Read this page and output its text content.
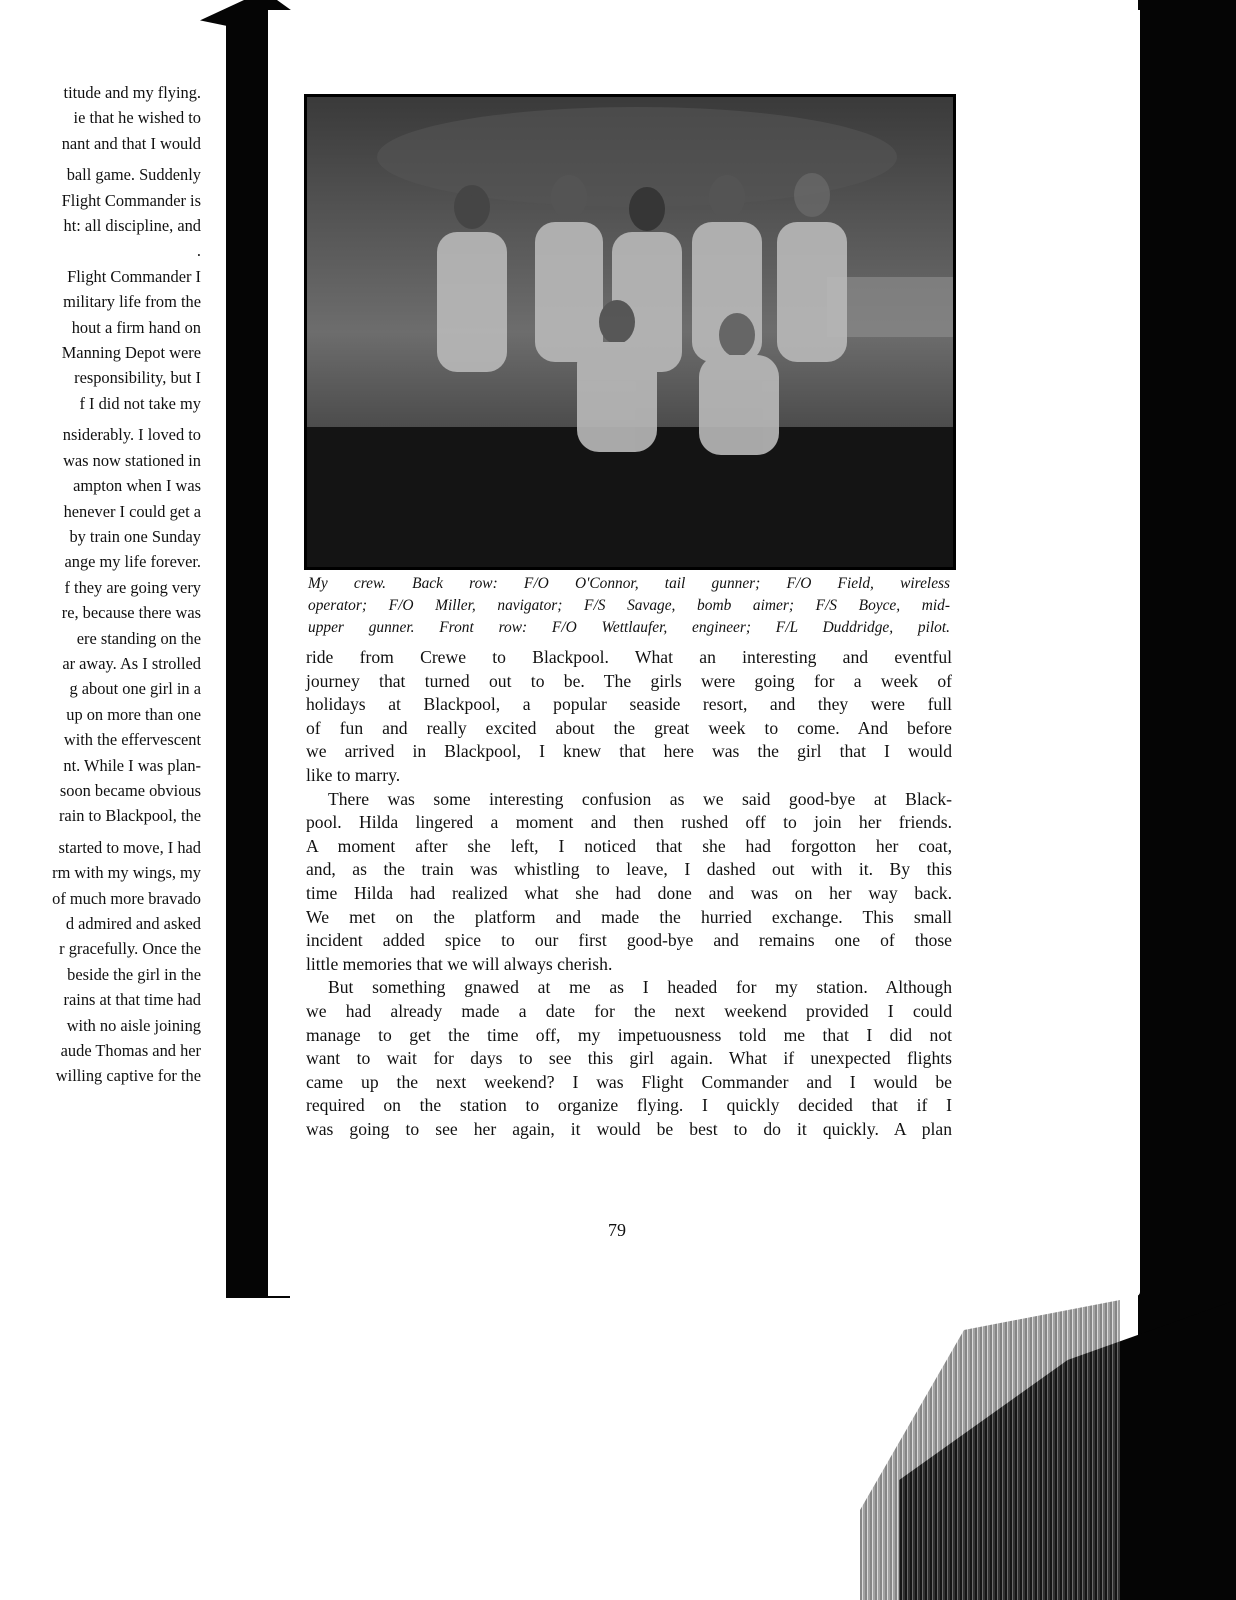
titude and my flying.
ie that he wished to
nant and that I would
ball game. Suddenly
Flight Commander is
ht: all discipline, and
.
Flight Commander I
military life from the
hout a firm hand on
Manning Depot were
responsibility, but I
f I did not take my
nsiderably. I loved to
was now stationed in
ampton when I was
henever I could get a
by train one Sunday
ange my life forever.
f they are going very
re, because there was
ere standing on the
ar away. As I strolled
g about one girl in a
up on more than one
with the effervescent
nt. While I was plan-
soon became obvious
rain to Blackpool, the
started to move, I had
rm with my wings, my
of much more bravado
d admired and asked
r gracefully. Once the
beside the girl in the
rains at that time had
with no aisle joining
aude Thomas and her
willing captive for the
My crew. Back row: F/O O'Connor, tail gunner; F/O Field, wireless
operator; F/O Miller, navigator; F/S Savage, bomb aimer; F/S Boyce, mid-
upper gunner. Front row: F/O Wettlaufer, engineer; F/L Duddridge, pilot.
ride from Crewe to Blackpool. What an interesting and eventful
journey that turned out to be. The girls were going for a week of
holidays at Blackpool, a popular seaside resort, and they were full
of fun and really excited about the great week to come. And before
we arrived in Blackpool, I knew that here was the girl that I would
like to marry.
There was some interesting confusion as we said good-bye at Black-
pool. Hilda lingered a moment and then rushed off to join her friends.
A moment after she left, I noticed that she had forgotton her coat,
and, as the train was whistling to leave, I dashed out with it. By this
time Hilda had realized what she had done and was on her way back.
We met on the platform and made the hurried exchange. This small
incident added spice to our first good-bye and remains one of those
little memories that we will always cherish.
But something gnawed at me as I headed for my station. Although
we had already made a date for the next weekend provided I could
manage to get the time off, my impetuousness told me that I did not
want to wait for days to see this girl again. What if unexpected flights
came up the next weekend? I was Flight Commander and I would be
required on the station to organize flying. I quickly decided that if I
was going to see her again, it would be best to do it quickly. A plan
79
